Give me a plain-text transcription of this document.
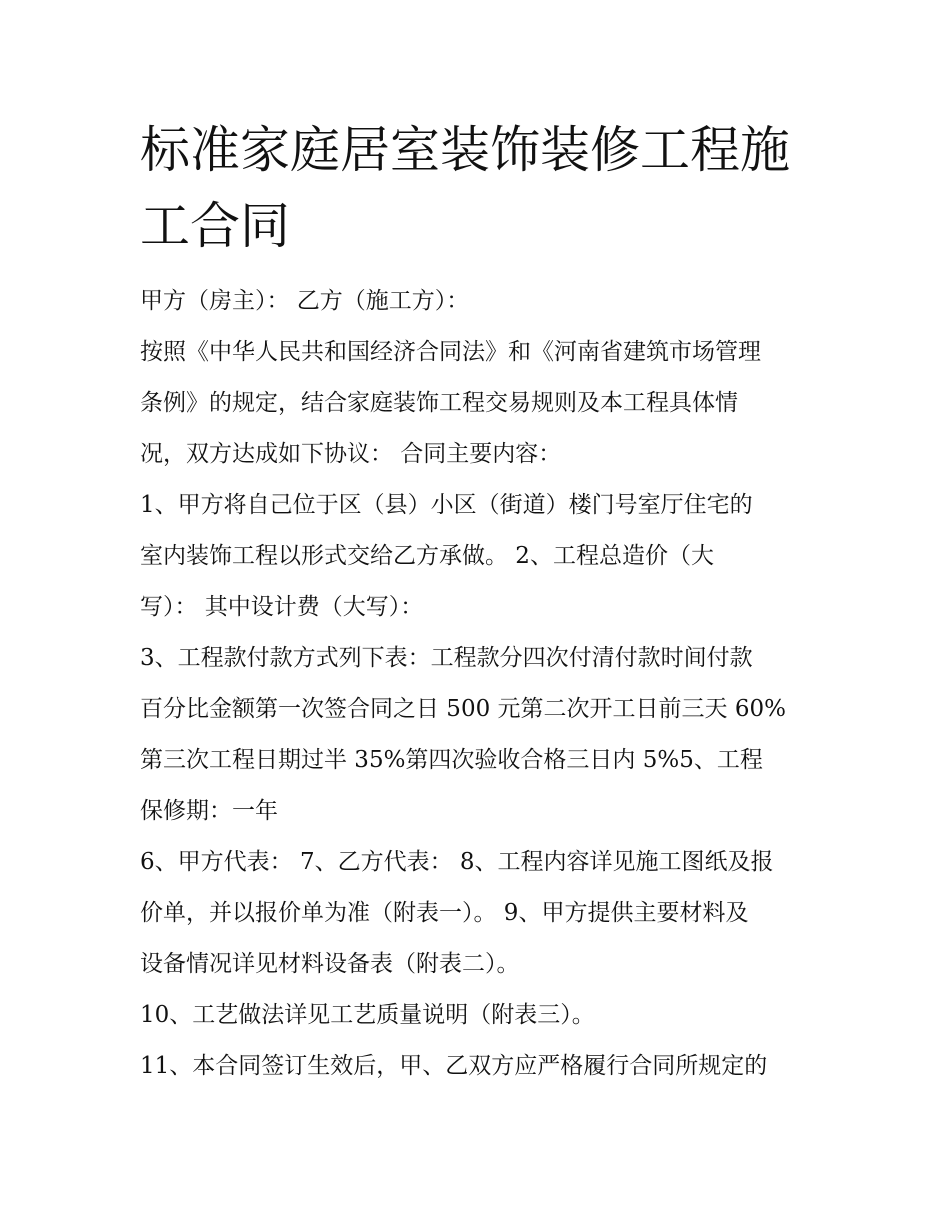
标准家庭居室装饰装修工程施
工合同
甲方（房主）： 乙方（施工方）：
按照《中华人民共和国经济合同法》和《河南省建筑市场管理
条例》的规定，结合家庭装饰工程交易规则及本工程具体情
况，双方达成如下协议： 合同主要内容：
1、甲方将自己位于区（县）小区（街道）楼门号室厅住宅的
室内装饰工程以形式交给乙方承做。 2、工程总造价（大
写）： 其中设计费（大写）：
3、工程款付款方式列下表：工程款分四次付清付款时间付款
百分比金额第一次签合同之日 500 元第二次开工日前三天 60%
第三次工程日期过半 35%第四次验收合格三日内 5%5、工程
保修期：一年
6、甲方代表： 7、乙方代表： 8、工程内容详见施工图纸及报
价单，并以报价单为准（附表一）。 9、甲方提供主要材料及
设备情况详见材料设备表（附表二）。
10、工艺做法详见工艺质量说明（附表三）。
11、本合同签订生效后，甲、乙双方应严格履行合同所规定的
